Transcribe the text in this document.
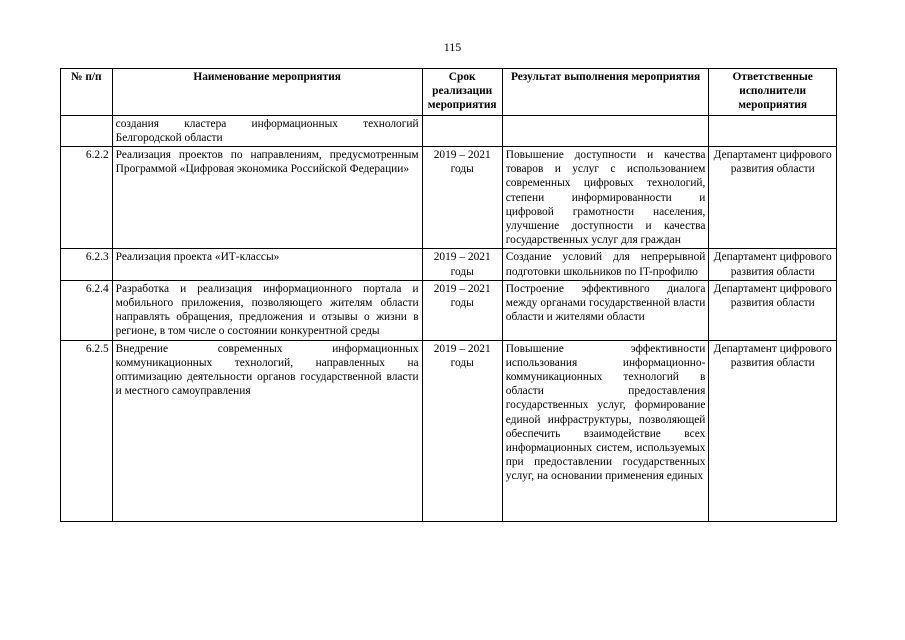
115
№ п/п	Наименование мероприятия	Срок реализации мероприятия	Результат выполнения мероприятия	Ответственные исполнители мероприятия
	создания кластера информационных технологий Белгородской области			
6.2.2	Реализация проектов по направлениям, предусмотренным Программой «Цифровая экономика Российской Федерации»	2019 – 2021 годы	Повышение доступности и качества товаров и услуг с использованием современных цифровых технологий, степени информированности и цифровой грамотности населения, улучшение доступности и качества государственных услуг для граждан	Департамент цифрового развития области
6.2.3	Реализация проекта «ИТ-классы»	2019 – 2021 годы	Создание условий для непрерывной подготовки школьников по IT-профилю	Департамент цифрового развития области
6.2.4	Разработка и реализация информационного портала и мобильного приложения, позволяющего жителям области направлять обращения, предложения и отзывы о жизни в регионе, в том числе о состоянии конкурентной среды	2019 – 2021 годы	Построение эффективного диалога между органами государственной власти области и жителями области	Департамент цифрового развития области
6.2.5	Внедрение современных информационных коммуникационных технологий, направленных на оптимизацию деятельности органов государственной власти и местного самоуправления	2019 – 2021 годы	Повышение эффективности использования информационно-коммуникационных технологий в области предоставления государственных услуг, формирование единой инфраструктуры, позволяющей обеспечить взаимодействие всех информационных систем, используемых при предоставлении государственных услуг, на основании применения единых	Департамент цифрового развития области
